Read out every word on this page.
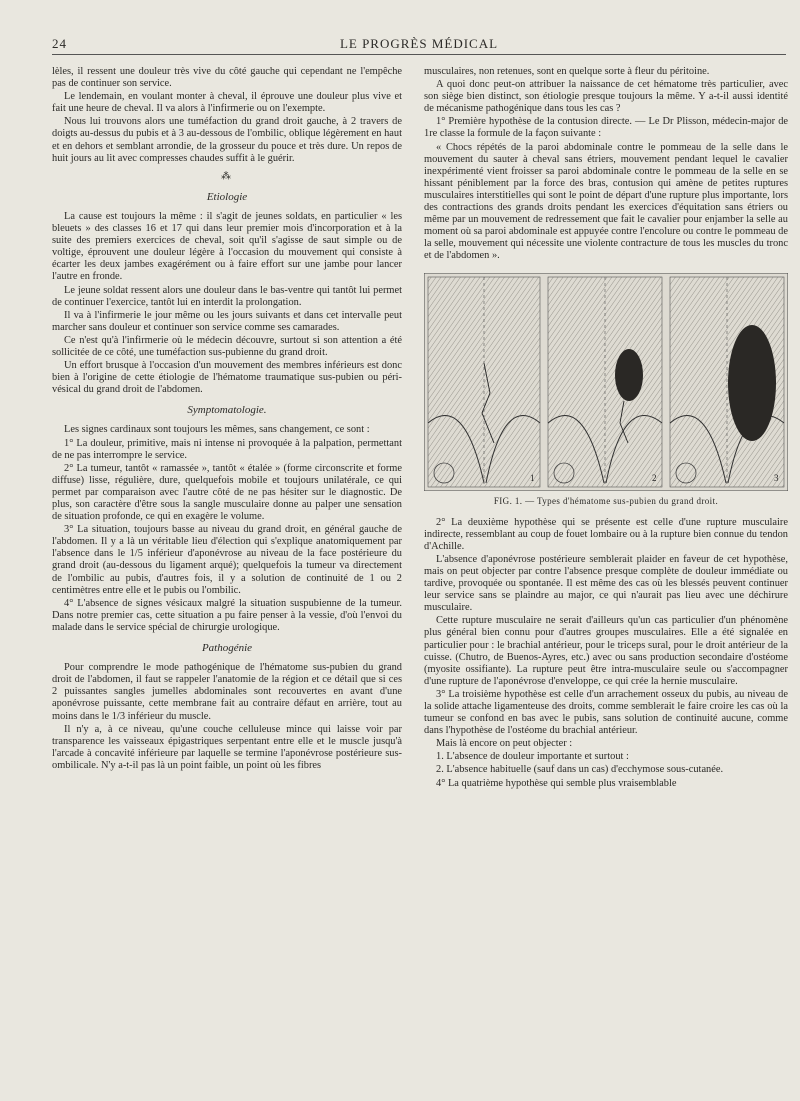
24	LE PROGRÈS MÉDICAL

lèles, il ressent une douleur très vive du côté gauche qui cependant ne l'empêche pas de continuer son service.

Le lendemain, en voulant monter à cheval, il éprouve une douleur plus vive et fait une heure de cheval. Il va alors à l'infirmerie ou on l'exempte.

Nous lui trouvons alors une tuméfaction du grand droit gauche, à 2 travers de doigts au-dessus du pubis et à 3 au-dessous de l'ombilic, oblique légèrement en haut et en dehors et semblant arrondie, de la grosseur du pouce et très dure. Un repos de huit jours au lit avec compresses chaudes suffit à le guérir.

⁂
Etiologie

La cause est toujours la même : il s'agit de jeunes soldats, en particulier « les bleuets » des classes 16 et 17 qui dans leur premier mois d'incorporation et à la suite des premiers exercices de cheval, soit qu'il s'agisse de saut simple ou de voltige, éprouvent une douleur légère à l'occasion du mouvement qui consiste à écarter les deux jambes exagérément ou à faire effort sur une jambe pour lancer l'autre en fronde.

Le jeune soldat ressent alors une douleur dans le bas-ventre qui tantôt lui permet de continuer l'exercice, tantôt lui en interdit la prolongation.

Il va à l'infirmerie le jour même ou les jours suivants et dans cet intervalle peut marcher sans douleur et continuer son service comme ses camarades.

Ce n'est qu'à l'infirmerie où le médecin découvre, surtout si son attention a été sollicitée de ce côté, une tuméfaction sus-pubienne du grand droit.

Un effort brusque à l'occasion d'un mouvement des membres inférieurs est donc bien à l'origine de cette étiologie de l'hématome traumatique sus-pubien ou péri-vésical du grand droit de l'abdomen.

Symptomatologie.

Les signes cardinaux sont toujours les mêmes, sans changement, ce sont :

1° La douleur, primitive, mais ni intense ni provoquée à la palpation, permettant de ne pas interrompre le service.

2° La tumeur, tantôt « ramassée », tantôt « étalée » (forme circonscrite et forme diffuse) lisse, régulière, dure, quelquefois mobile et toujours unilatérale, ce qui permet par comparaison avec l'autre côté de ne pas hésiter sur le diagnostic. De plus, son caractère d'être sous la sangle musculaire donne au palper une sensation de situation profonde, ce qui en exagère le volume.

3° La situation, toujours basse au niveau du grand droit, en général gauche de l'abdomen. Il y a là un véritable lieu d'élection qui s'explique anatomiquement par l'absence dans le 1/5 inférieur d'aponévrose au niveau de la face postérieure du grand droit (au-dessous du ligament arqué); quelquefois la tumeur va directement de l'ombilic au pubis, d'autres fois, il y a solution de continuité de 1 ou 2 centimètres entre elle et le pubis ou l'ombilic.

4° L'absence de signes vésicaux malgré la situation suspubienne de la tumeur. Dans notre premier cas, cette situation a pu faire penser à la vessie, d'où l'envoi du malade dans le service spécial de chirurgie urologique.

Pathogénie

Pour comprendre le mode pathogénique de l'hématome sus-pubien du grand droit de l'abdomen, il faut se rappeler l'anatomie de la région et ce détail que si ces 2 puissantes sangles jumelles abdominales sont recouvertes en avant d'une aponévrose puissante, cette membrane fait au contraire défaut en arrière, tout au moins dans le 1/3 inférieur du muscle.

Il n'y a, à ce niveau, qu'une couche celluleuse mince qui laisse voir par transparence les vaisseaux épigastriques serpentant entre elle et le muscle jusqu'à l'arcade à concavité inférieure par laquelle se termine l'aponévrose postérieure sus-ombilicale. N'y a-t-il pas là un point faible, un point où les fibres

musculaires, non retenues, sont en quelque sorte à fleur du péritoine.

A quoi donc peut-on attribuer la naissance de cet hématome très particulier, avec son siège bien distinct, son étiologie presque toujours la même. Y a-t-il aussi identité de mécanisme pathogénique dans tous les cas ?

1° Première hypothèse de la contusion directe. — Le Dr Plisson, médecin-major de 1re classe la formule de la façon suivante :

« Chocs répétés de la paroi abdominale contre le pommeau de la selle dans le mouvement du sauter à cheval sans étriers, mouvement pendant lequel le cavalier inexpérimenté vient froisser sa paroi abdominale contre le pommeau de la selle en se hissant péniblement par la force des bras, contusion qui amène de petites ruptures musculaires interstitielles qui sont le point de départ d'une rupture plus importante, lors des contractions des grands droits pendant les exercices d'équitation sans étriers ou même par un mouvement de redressement que fait le cavalier pour enjamber la selle au moment où sa paroi abdominale est appuyée contre l'encolure ou contre le pommeau de la selle, mouvement qui nécessite une violente contracture de tous les muscles du tronc et de l'abdomen ».

1	2	3

FIG. 1. — Types d'hématome sus-pubien du grand droit.

2° La deuxième hypothèse qui se présente est celle d'une rupture musculaire indirecte, ressemblant au coup de fouet lombaire ou à la rupture bien connue du tendon d'Achille.

L'absence d'aponévrose postérieure semblerait plaider en faveur de cet hypothèse, mais on peut objecter par contre l'absence presque complète de douleur immédiate ou tardive, provoquée ou spontanée. Il est même des cas où les blessés peuvent continuer leur service sans se plaindre au major, ce qui n'aurait pas lieu avec une déchirure musculaire.

Cette rupture musculaire ne serait d'ailleurs qu'un cas particulier d'un phénomène plus général bien connu pour d'autres groupes musculaires. Elle a été signalée en particulier pour : le brachial antérieur, pour le triceps sural, pour le droit antérieur de la cuisse. (Chutro, de Buenos-Ayres, etc.) avec ou sans production secondaire d'ostéome (myosite ossifiante). La rupture peut être intra-musculaire seule ou s'accompagner d'une rupture de l'aponévrose d'enveloppe, ce qui crée la hernie musculaire.

3° La troisième hypothèse est celle d'un arrachement osseux du pubis, au niveau de la solide attache ligamenteuse des droits, comme semblerait le faire croire les cas où la tumeur se confond en bas avec le pubis, sans solution de continuité aucune, comme dans l'hypothèse de l'ostéome du brachial antérieur.

Mais là encore on peut objecter :

1. L'absence de douleur importante et surtout :

2. L'absence habituelle (sauf dans un cas) d'ecchymose sous-cutanée.

4° La quatrième hypothèse qui semble plus vraisemblable
